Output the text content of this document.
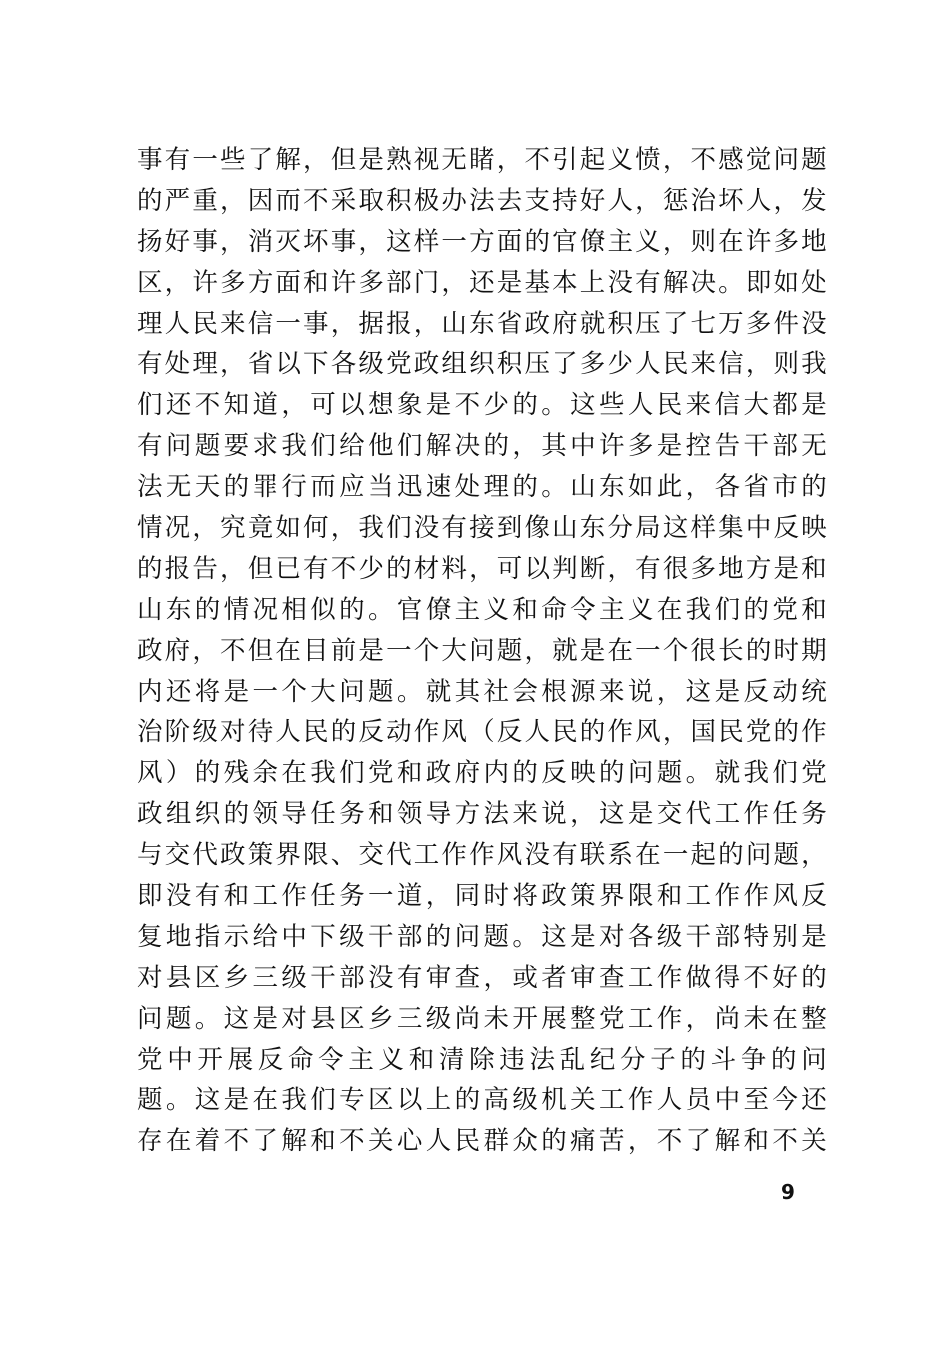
事有一些了解，但是熟视无睹，不引起义愤，不感觉问题
的严重，因而不采取积极办法去支持好人，惩治坏人，发
扬好事，消灭坏事，这样一方面的官僚主义，则在许多地
区，许多方面和许多部门，还是基本上没有解决。即如处
理人民来信一事，据报，山东省政府就积压了七万多件没
有处理，省以下各级党政组织积压了多少人民来信，则我
们还不知道，可以想象是不少的。这些人民来信大都是
有问题要求我们给他们解决的，其中许多是控告干部无
法无天的罪行而应当迅速处理的。山东如此，各省市的
情况，究竟如何，我们没有接到像山东分局这样集中反映
的报告，但已有不少的材料，可以判断，有很多地方是和
山东的情况相似的。官僚主义和命令主义在我们的党和
政府，不但在目前是一个大问题，就是在一个很长的时期
内还将是一个大问题。就其社会根源来说，这是反动统
治阶级对待人民的反动作风（反人民的作风，国民党的作
风）的残余在我们党和政府内的反映的问题。就我们党
政组织的领导任务和领导方法来说，这是交代工作任务
与交代政策界限、交代工作作风没有联系在一起的问题，
即没有和工作任务一道，同时将政策界限和工作作风反
复地指示给中下级干部的问题。这是对各级干部特别是
对县区乡三级干部没有审查，或者审查工作做得不好的
问题。这是对县区乡三级尚未开展整党工作，尚未在整
党中开展反命令主义和清除违法乱纪分子的斗争的问
题。这是在我们专区以上的高级机关工作人员中至今还
存在着不了解和不关心人民群众的痛苦，不了解和不关
9
